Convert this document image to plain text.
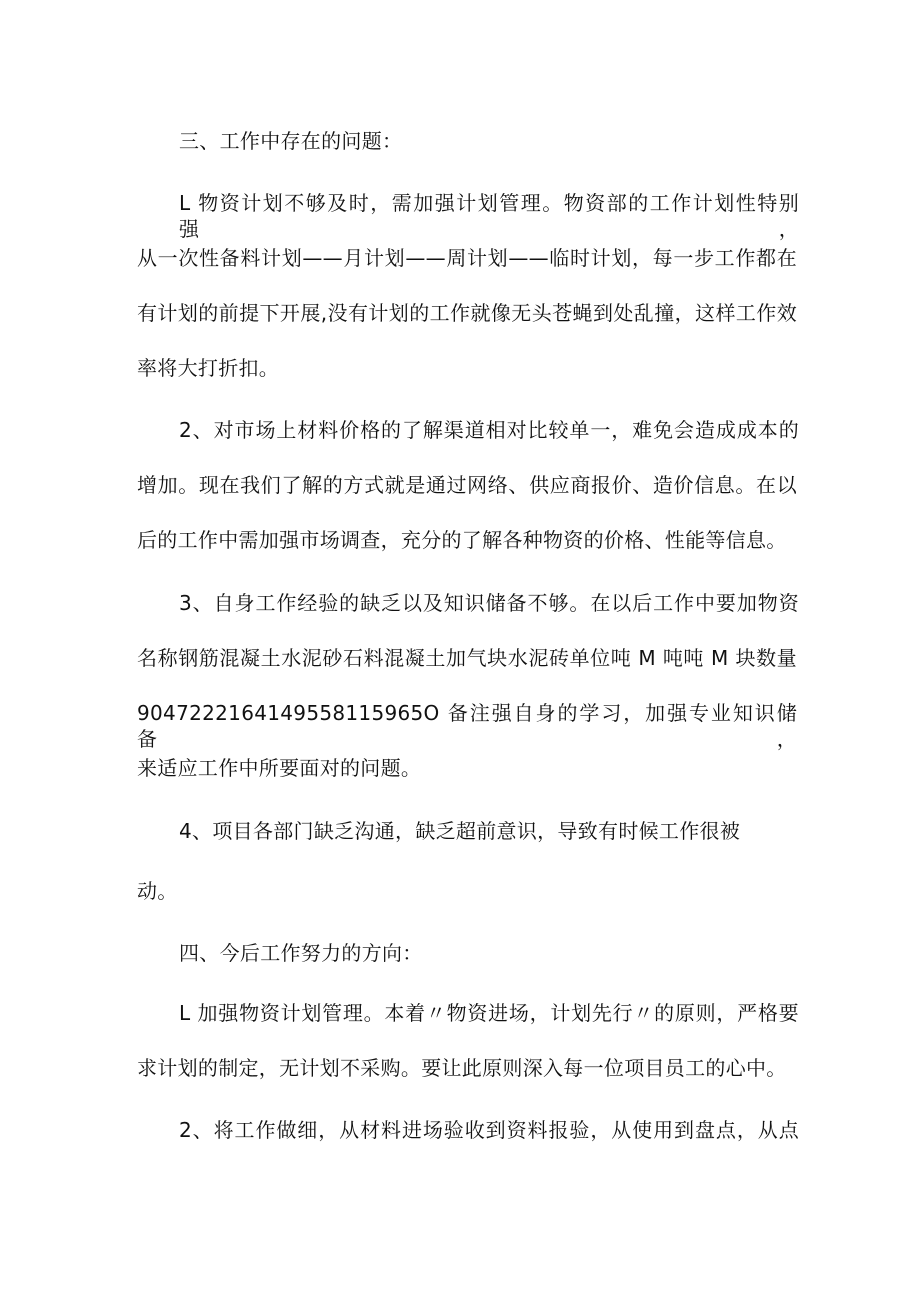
三、工作中存在的问题：
L 物资计划不够及时，需加强计划管理。物资部的工作计划性特别强，
从一次性备料计划——月计划——周计划——临时计划，每一步工作都在
有计划的前提下开展,没有计划的工作就像无头苍蝇到处乱撞，这样工作效
率将大打折扣。
2、对市场上材料价格的了解渠道相对比较单一，难免会造成成本的
增加。现在我们了解的方式就是通过网络、供应商报价、造价信息。在以
后的工作中需加强市场调查，充分的了解各种物资的价格、性能等信息。
3、自身工作经验的缺乏以及知识储备不够。在以后工作中要加物资
名称钢筋混凝土水泥砂石料混凝土加气块水泥砖单位吨 M 吨吨 M 块数量
9047222164149558115965O 备注强自身的学习，加强专业知识储备，
来适应工作中所要面对的问题。
4、项目各部门缺乏沟通，缺乏超前意识，导致有时候工作很被
动。
四、今后工作努力的方向：
L 加强物资计划管理。本着〃物资进场，计划先行〃的原则，严格要
求计划的制定，无计划不采购。要让此原则深入每一位项目员工的心中。
2、将工作做细，从材料进场验收到资料报验，从使用到盘点，从点
